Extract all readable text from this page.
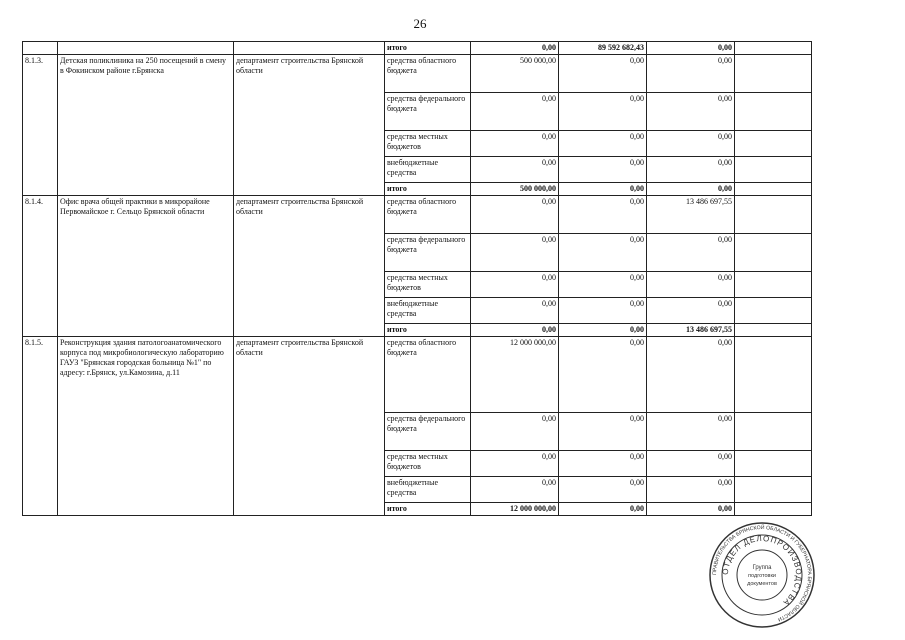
26
			итого	0,00	89 592 682,43	0,00	
8.1.3.	Детская поликлиника на 250 посещений в смену в Фокинском районе г.Брянска	департамент строительства Брянской области	средства областного бюджета	500 000,00	0,00	0,00	
			средства федерального бюджета	0,00	0,00	0,00	
			средства местных бюджетов	0,00	0,00	0,00	
			внебюджетные средства	0,00	0,00	0,00	
			итого	500 000,00	0,00	0,00	
8.1.4.	Офис врача общей практики в микрорайоне Первомайское г. Сельцо Брянской области	департамент строительства Брянской области	средства областного бюджета	0,00	0,00	13 486 697,55	
			средства федерального бюджета	0,00	0,00	0,00	
			средства местных бюджетов	0,00	0,00	0,00	
			внебюджетные средства	0,00	0,00	0,00	
			итого	0,00	0,00	13 486 697,55	
8.1.5.	Реконструкция здания патологоанатомического корпуса под микробиологическую лабораторию ГАУЗ "Брянская городская больница №1" по адресу: г.Брянск, ул.Камозина, д.11	департамент строительства Брянской области	средства областного бюджета	12 000 000,00	0,00	0,00	
			средства федерального бюджета	0,00	0,00	0,00	
			средства местных бюджетов	0,00	0,00	0,00	
			внебюджетные средства	0,00	0,00	0,00	
			итого	12 000 000,00	0,00	0,00	
ПРАВИТЕЛЬСТВА БРЯНСКОЙ ОБЛАСТИ И ГУБЕРНАТОРА БРЯНСКОЙ ОБЛАСТИ
ОТДЕЛ ДЕЛОПРОИЗВОДСТВА
Группа
подготовки
документов
